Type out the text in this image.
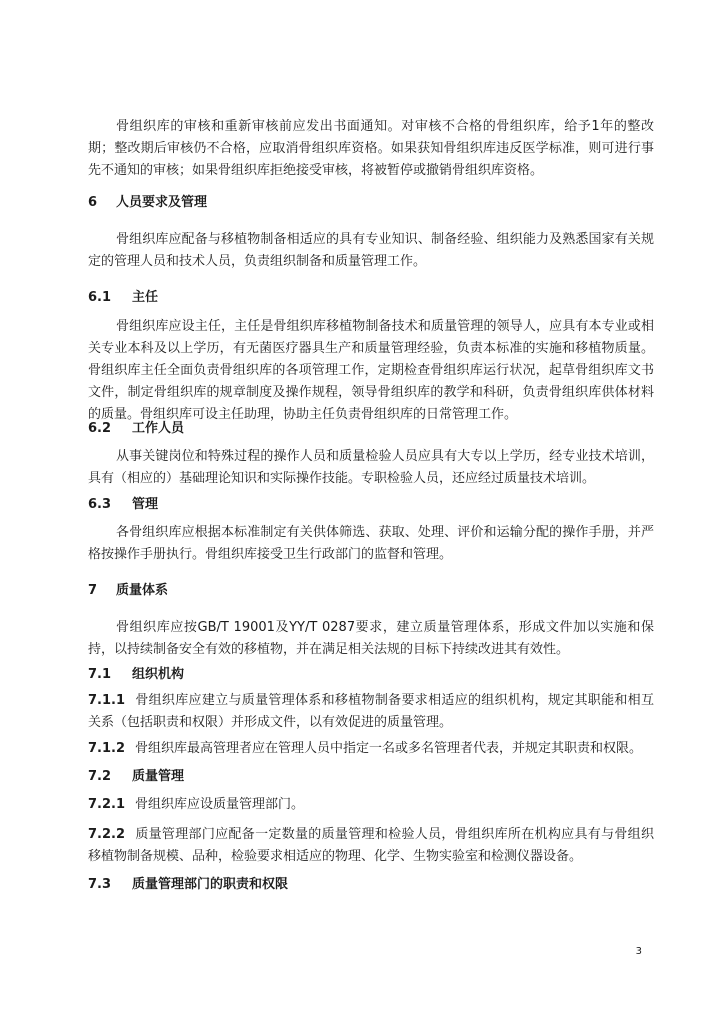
骨组织库的审核和重新审核前应发出书面通知。对审核不合格的骨组织库，给予1年的整改期；整改期后审核仍不合格，应取消骨组织库资格。如果获知骨组织库违反医学标准，则可进行事先不通知的审核；如果骨组织库拒绝接受审核，将被暂停或撤销骨组织库资格。

6 人员要求及管理

骨组织库应配备与移植物制备相适应的具有专业知识、制备经验、组织能力及熟悉国家有关规定的管理人员和技术人员，负责组织制备和质量管理工作。

6.1 主任

骨组织库应设主任，主任是骨组织库移植物制备技术和质量管理的领导人，应具有本专业或相关专业本科及以上学历，有无菌医疗器具生产和质量管理经验，负责本标准的实施和移植物质量。骨组织库主任全面负责骨组织库的各项管理工作，定期检查骨组织库运行状况，起草骨组织库文书文件，制定骨组织库的规章制度及操作规程，领导骨组织库的教学和科研，负责骨组织库供体材料的质量。骨组织库可设主任助理，协助主任负责骨组织库的日常管理工作。

6.2 工作人员

从事关键岗位和特殊过程的操作人员和质量检验人员应具有大专以上学历，经专业技术培训，具有（相应的）基础理论知识和实际操作技能。专职检验人员，还应经过质量技术培训。

6.3 管理

各骨组织库应根据本标准制定有关供体筛选、获取、处理、评价和运输分配的操作手册，并严格按操作手册执行。骨组织库接受卫生行政部门的监督和管理。

7 质量体系

骨组织库应按GB/T 19001及YY/T 0287要求，建立质量管理体系，形成文件加以实施和保持，以持续制备安全有效的移植物，并在满足相关法规的目标下持续改进其有效性。

7.1 组织机构

7.1.1 骨组织库应建立与质量管理体系和移植物制备要求相适应的组织机构，规定其职能和相互关系（包括职责和权限）并形成文件，以有效促进的质量管理。

7.1.2 骨组织库最高管理者应在管理人员中指定一名或多名管理者代表，并规定其职责和权限。

7.2 质量管理

7.2.1 骨组织库应设质量管理部门。

7.2.2 质量管理部门应配备一定数量的质量管理和检验人员，骨组织库所在机构应具有与骨组织移植物制备规模、品种，检验要求相适应的物理、化学、生物实验室和检测仪器设备。

7.3 质量管理部门的职责和权限
3
